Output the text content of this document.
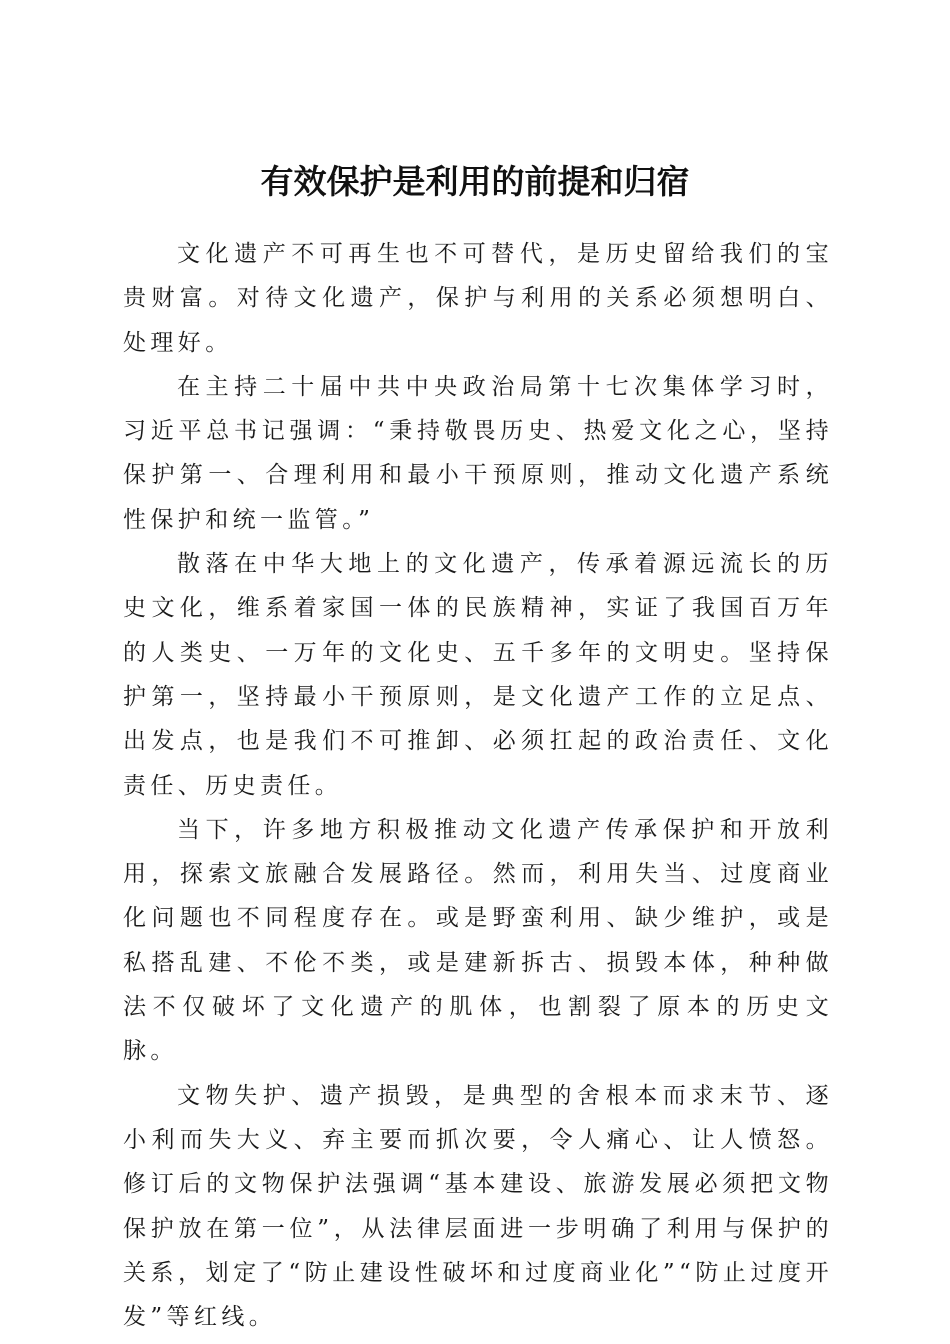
有效保护是利用的前提和归宿

文化遗产不可再生也不可替代，是历史留给我们的宝贵财富。对待文化遗产，保护与利用的关系必须想明白、处理好。

在主持二十届中共中央政治局第十七次集体学习时，习近平总书记强调：“秉持敬畏历史、热爱文化之心，坚持保护第一、合理利用和最小干预原则，推动文化遗产系统性保护和统一监管。”

散落在中华大地上的文化遗产，传承着源远流长的历史文化，维系着家国一体的民族精神，实证了我国百万年的人类史、一万年的文化史、五千多年的文明史。坚持保护第一，坚持最小干预原则，是文化遗产工作的立足点、出发点，也是我们不可推卸、必须扛起的政治责任、文化责任、历史责任。

当下，许多地方积极推动文化遗产传承保护和开放利用，探索文旅融合发展路径。然而，利用失当、过度商业化问题也不同程度存在。或是野蛮利用、缺少维护，或是私搭乱建、不伦不类，或是建新拆古、损毁本体，种种做法不仅破坏了文化遗产的肌体，也割裂了原本的历史文脉。

文物失护、遗产损毁，是典型的舍根本而求末节、逐小利而失大义、弃主要而抓次要，令人痛心、让人愤怒。修订后的文物保护法强调“基本建设、旅游发展必须把文物保护放在第一位”，从法律层面进一步明确了利用与保护的关系，划定了“防止建设性破坏和过度商业化”“防止过度开发”等红线。
